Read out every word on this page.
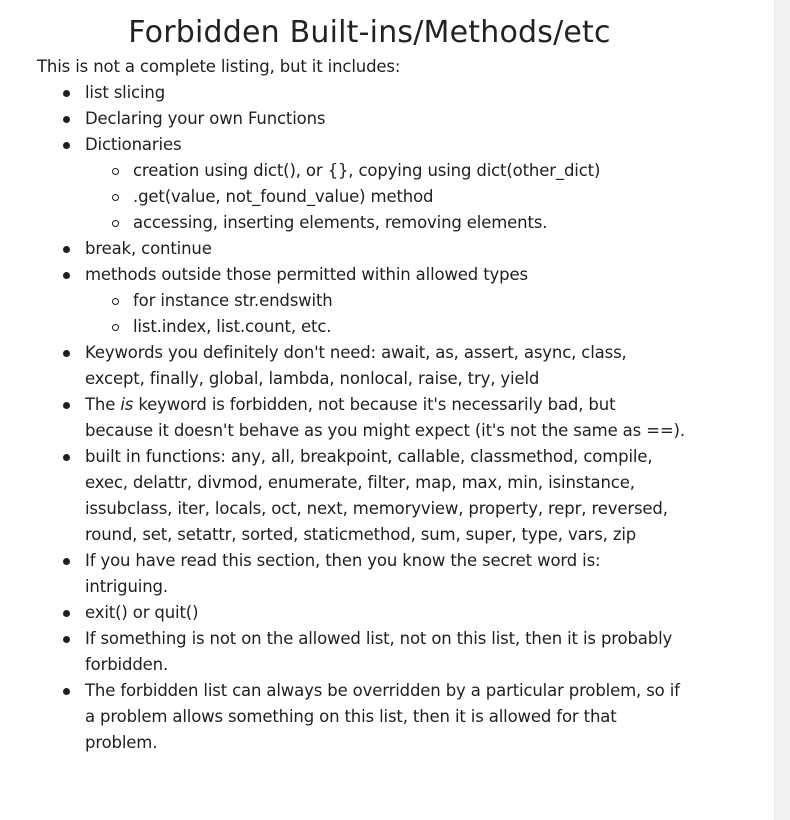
Forbidden Built-ins/Methods/etc

This is not a complete listing, but it includes:

list slicing
Declaring your own Functions
Dictionaries
creation using dict(), or {}, copying using dict(other_dict)
.get(value, not_found_value) method
accessing, inserting elements, removing elements.
break, continue
methods outside those permitted within allowed types
for instance str.endswith
list.index, list.count, etc.
Keywords you definitely don't need: await, as, assert, async, class, except, finally, global, lambda, nonlocal, raise, try, yield
The is keyword is forbidden, not because it's necessarily bad, but because it doesn't behave as you might expect (it's not the same as ==).
built in functions: any, all, breakpoint, callable, classmethod, compile, exec, delattr, divmod, enumerate, filter, map, max, min, isinstance, issubclass, iter, locals, oct, next, memoryview, property, repr, reversed, round, set, setattr, sorted, staticmethod, sum, super, type, vars, zip
If you have read this section, then you know the secret word is: intriguing.
exit() or quit()
If something is not on the allowed list, not on this list, then it is probably forbidden.
The forbidden list can always be overridden by a particular problem, so if a problem allows something on this list, then it is allowed for that problem.
